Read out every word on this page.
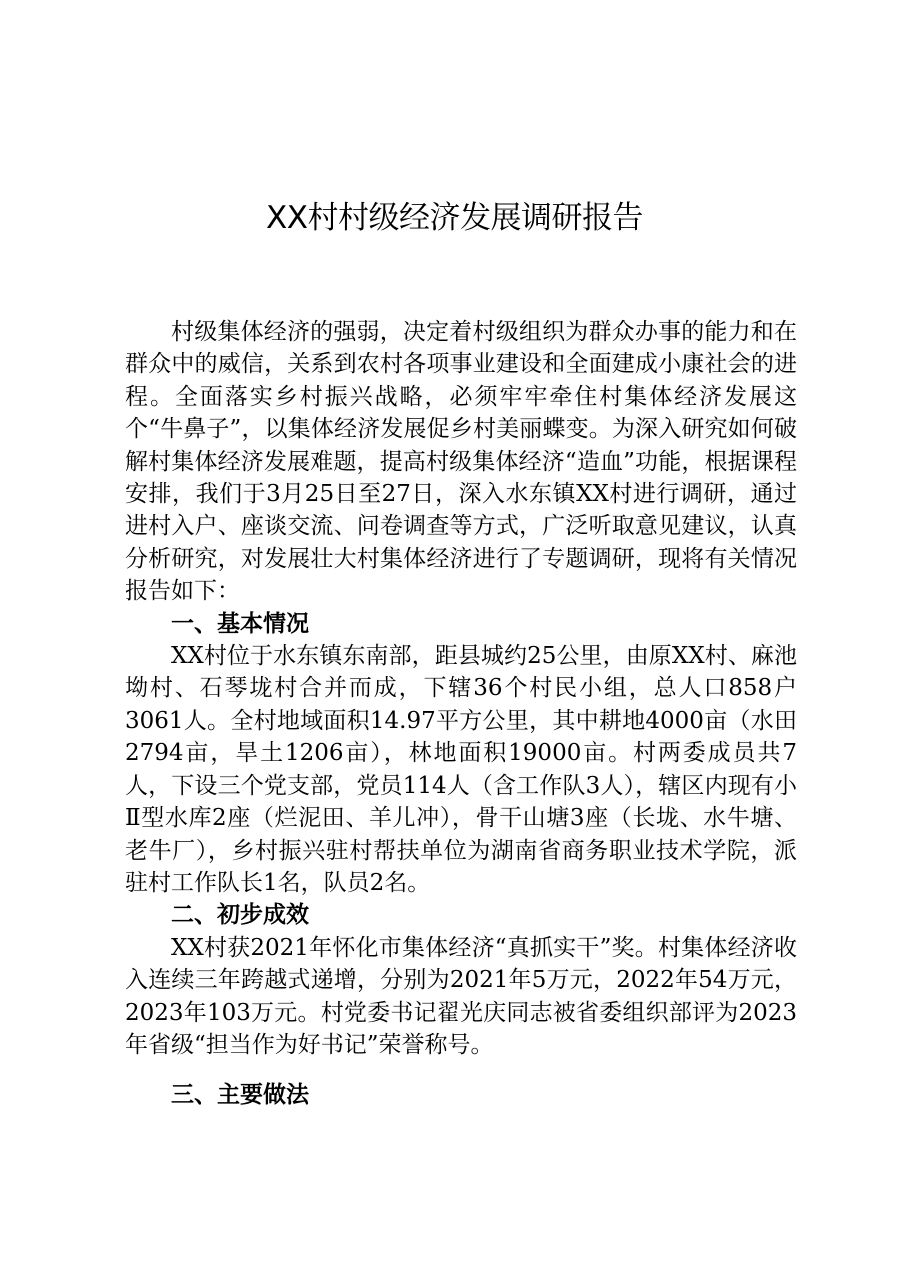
XX村村级经济发展调研报告

村级集体经济的强弱，决定着村级组织为群众办事的能力和在群众中的威信，关系到农村各项事业建设和全面建成小康社会的进程。全面落实乡村振兴战略，必须牢牢牵住村集体经济发展这个“牛鼻子”，以集体经济发展促乡村美丽蝶变。为深入研究如何破解村集体经济发展难题，提高村级集体经济“造血”功能，根据课程安排，我们于3月25日至27日，深入水东镇XX村进行调研，通过进村入户、座谈交流、问卷调查等方式，广泛听取意见建议，认真分析研究，对发展壮大村集体经济进行了专题调研，现将有关情况报告如下：

一、基本情况

XX村位于水东镇东南部，距县城约25公里，由原XX村、麻池坳村、石琴垅村合并而成，下辖36个村民小组，总人口858户3061人。全村地域面积14.97平方公里，其中耕地4000亩（水田2794亩，旱土1206亩），林地面积19000亩。村两委成员共7人，下设三个党支部，党员114人（含工作队3人），辖区内现有小Ⅱ型水库2座（烂泥田、羊儿冲），骨干山塘3座（长垅、水牛塘、老牛厂），乡村振兴驻村帮扶单位为湖南省商务职业技术学院，派驻村工作队长1名，队员2名。

二、初步成效

XX村获2021年怀化市集体经济“真抓实干”奖。村集体经济收入连续三年跨越式递增，分别为2021年5万元，2022年54万元，2023年103万元。村党委书记翟光庆同志被省委组织部评为2023年省级“担当作为好书记”荣誉称号。

三、主要做法
